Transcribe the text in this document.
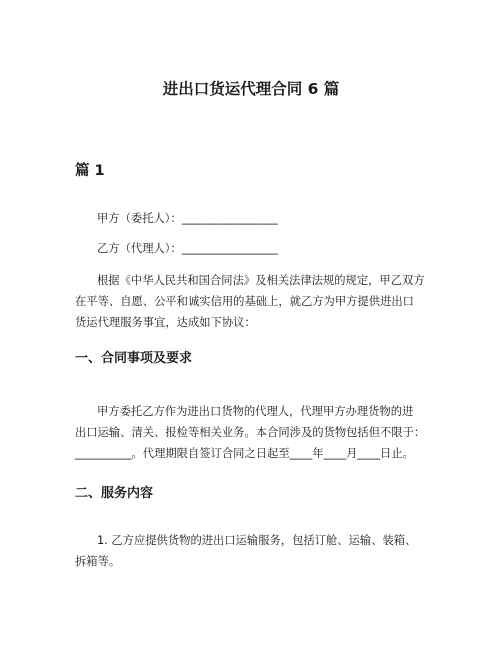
进出口货运代理合同 6 篇
篇 1

甲方（委托人）：_________________

乙方（代理人）：_________________

根据《中华人民共和国合同法》及相关法律法规的规定，甲乙双方

在平等、自愿、公平和诚实信用的基础上，就乙方为甲方提供进出口

货运代理服务事宜，达成如下协议：

一、合同事项及要求

甲方委托乙方作为进出口货物的代理人，代理甲方办理货物的进

出口运输、清关、报检等相关业务。本合同涉及的货物包括但不限于：

__________。代理期限自签订合同之日起至____年____月____日止。

二、服务内容

1. 乙方应提供货物的进出口运输服务，包括订舱、运输、装箱、

拆箱等。
